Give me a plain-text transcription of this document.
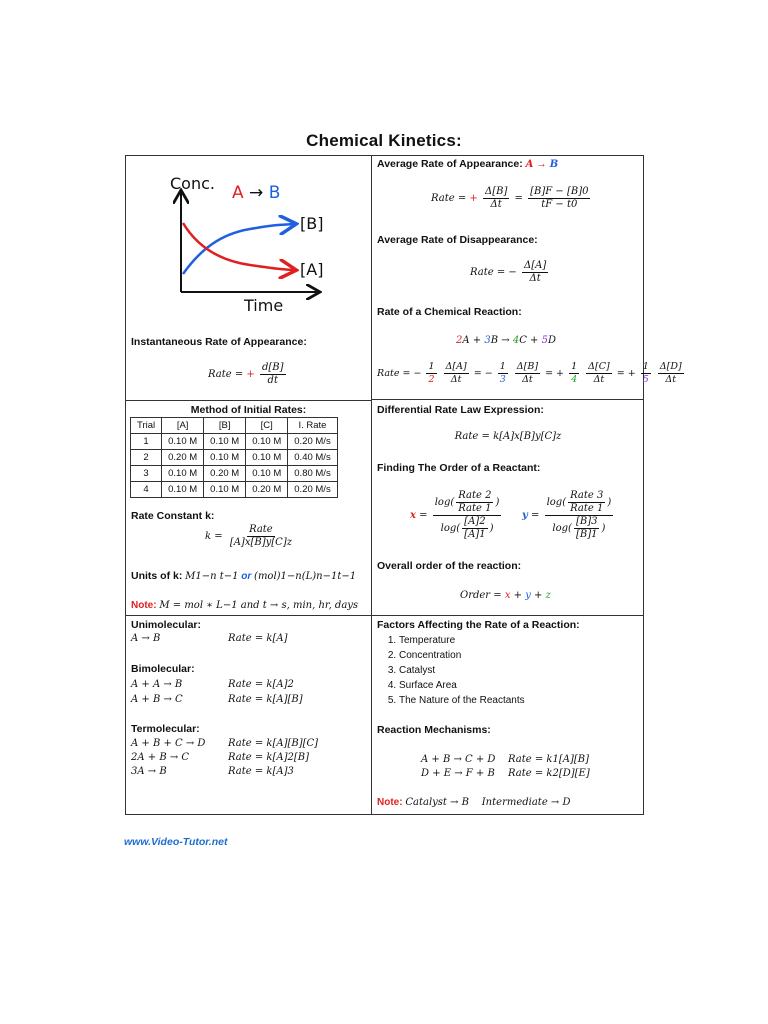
Chemical Kinetics:
Conc. A → B
[B]
[A]
Time
Instantaneous Rate of Appearance:
Rate = + $\frac{d[B]}{dt}$
Average Rate of Appearance: A → B
Rate = + $\frac{\Delta[B]}{\Delta t} = \frac{[B]F - [B]0}{tF - t0}$
Average Rate of Disappearance:
Rate = − $\frac{\Delta[A]}{\Delta t}$
Rate of a Chemical Reaction:
2A + 3B → 4C + 5D
Rate = − $\frac{1}{2}$
$\frac{\Delta[A]}{\Delta t}$ = − $\frac{1}{3}$
$\frac{\Delta[B]}{\Delta t}$ = + $\frac{1}{4}$
$\frac{\Delta[C]}{\Delta t}$ = + $\frac{1}{5}$
$\frac{\Delta[D]}{\Delta t}$
Method of Initial Rates:
Trial	[A]	[B]	[C]	I. Rate
1	0.10 M	0.10 M	0.10 M	0.20 M/s
2	0.20 M	0.10 M	0.10 M	0.40 M/s
3	0.10 M	0.20 M	0.10 M	0.80 M/s
4	0.10 M	0.10 M	0.20 M	0.20 M/s
Rate Constant k:
$k = \frac{\text{Rate}}{[A]x[B]y[C]z}$
Units of k: M1−n t−1 or (mol)1−n(L)n−1t−1
Note: M = mol ∗ L−1 and t → s, min, hr, days
Differential Rate Law Expression:
Rate = k[A]x[B]y[C]z
Finding The Order of a Reactant:
$x = \frac{\log( \frac{\text{Rate 2}}{\text{Rate 1}} )}{\log( \frac{[A]2}{[A]1} )}$ $y = \frac{\log( \frac{\text{Rate 3}}{\text{Rate 1}} )}{\log( \frac{[B]3}{[B]1} )}$
Overall order of the reaction:
Order = x + y + z
Unimolecular:
A → B	Rate = k[A]
Bimolecular:
A + A → B	Rate = k[A]2
A + B → C	Rate = k[A][B]
Termolecular:
A + B + C → D Rate = k[A][B][C]
2A + B → C	Rate = k[A]2[B]
3A → B	Rate = k[A]3
Factors Affecting the Rate of a Reaction:
1. Temperature
2. Concentration
3. Catalyst
4. Surface Area
5. The Nature of the Reactants
Reaction Mechanisms:
A + B → C + D Rate = k1[A][B]
D + E → F + B Rate = k2[D][E]
Note: Catalyst → B    Intermediate → D
www.Video-Tutor.net
